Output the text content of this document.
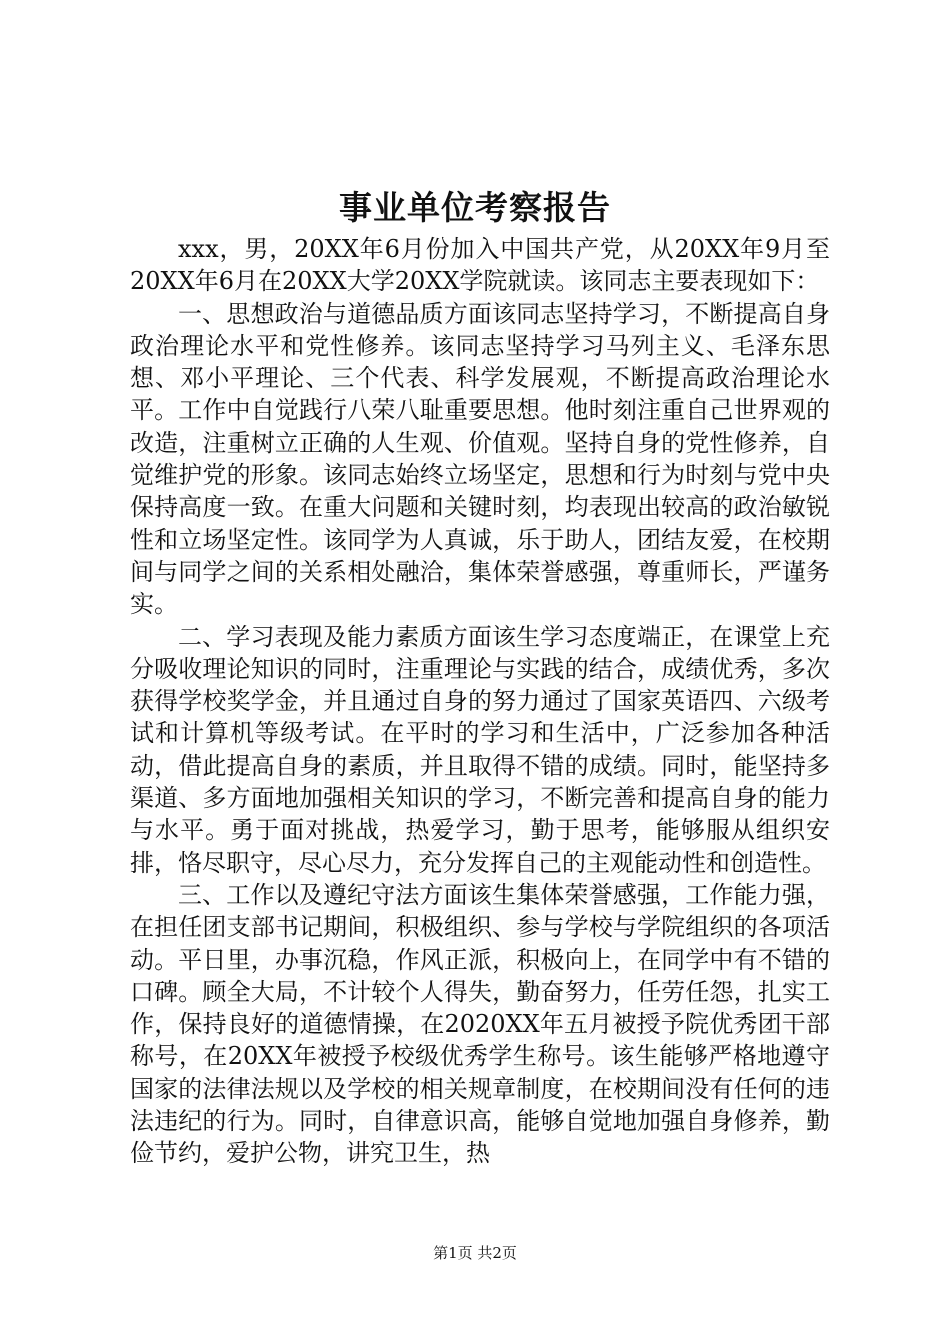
事业单位考察报告

xxx，男，20XX年6月份加入中国共产党，从20XX年9月至20XX年6月在20XX大学20XX学院就读。该同志主要表现如下：

一、思想政治与道德品质方面该同志坚持学习，不断提高自身政治理论水平和党性修养。该同志坚持学习马列主义、毛泽东思想、邓小平理论、三个代表、科学发展观，不断提高政治理论水平。工作中自觉践行八荣八耻重要思想。他时刻注重自己世界观的改造，注重树立正确的人生观、价值观。坚持自身的党性修养，自觉维护党的形象。该同志始终立场坚定，思想和行为时刻与党中央保持高度一致。在重大问题和关键时刻，均表现出较高的政治敏锐性和立场坚定性。该同学为人真诚，乐于助人，团结友爱，在校期间与同学之间的关系相处融洽，集体荣誉感强，尊重师长，严谨务实。

二、学习表现及能力素质方面该生学习态度端正，在课堂上充分吸收理论知识的同时，注重理论与实践的结合，成绩优秀，多次获得学校奖学金，并且通过自身的努力通过了国家英语四、六级考试和计算机等级考试。在平时的学习和生活中，广泛参加各种活动，借此提高自身的素质，并且取得不错的成绩。同时，能坚持多渠道、多方面地加强相关知识的学习，不断完善和提高自身的能力与水平。勇于面对挑战，热爱学习，勤于思考，能够服从组织安排，恪尽职守，尽心尽力，充分发挥自己的主观能动性和创造性。

三、工作以及遵纪守法方面该生集体荣誉感强，工作能力强，在担任团支部书记期间，积极组织、参与学校与学院组织的各项活动。平日里，办事沉稳，作风正派，积极向上，在同学中有不错的口碑。顾全大局，不计较个人得失，勤奋努力，任劳任怨，扎实工作，保持良好的道德情操，在2020XX年五月被授予院优秀团干部称号，在20XX年被授予校级优秀学生称号。该生能够严格地遵守国家的法律法规以及学校的相关规章制度，在校期间没有任何的违法违纪的行为。同时，自律意识高，能够自觉地加强自身修养，勤俭节约，爱护公物，讲究卫生，热

第1页 共2页
